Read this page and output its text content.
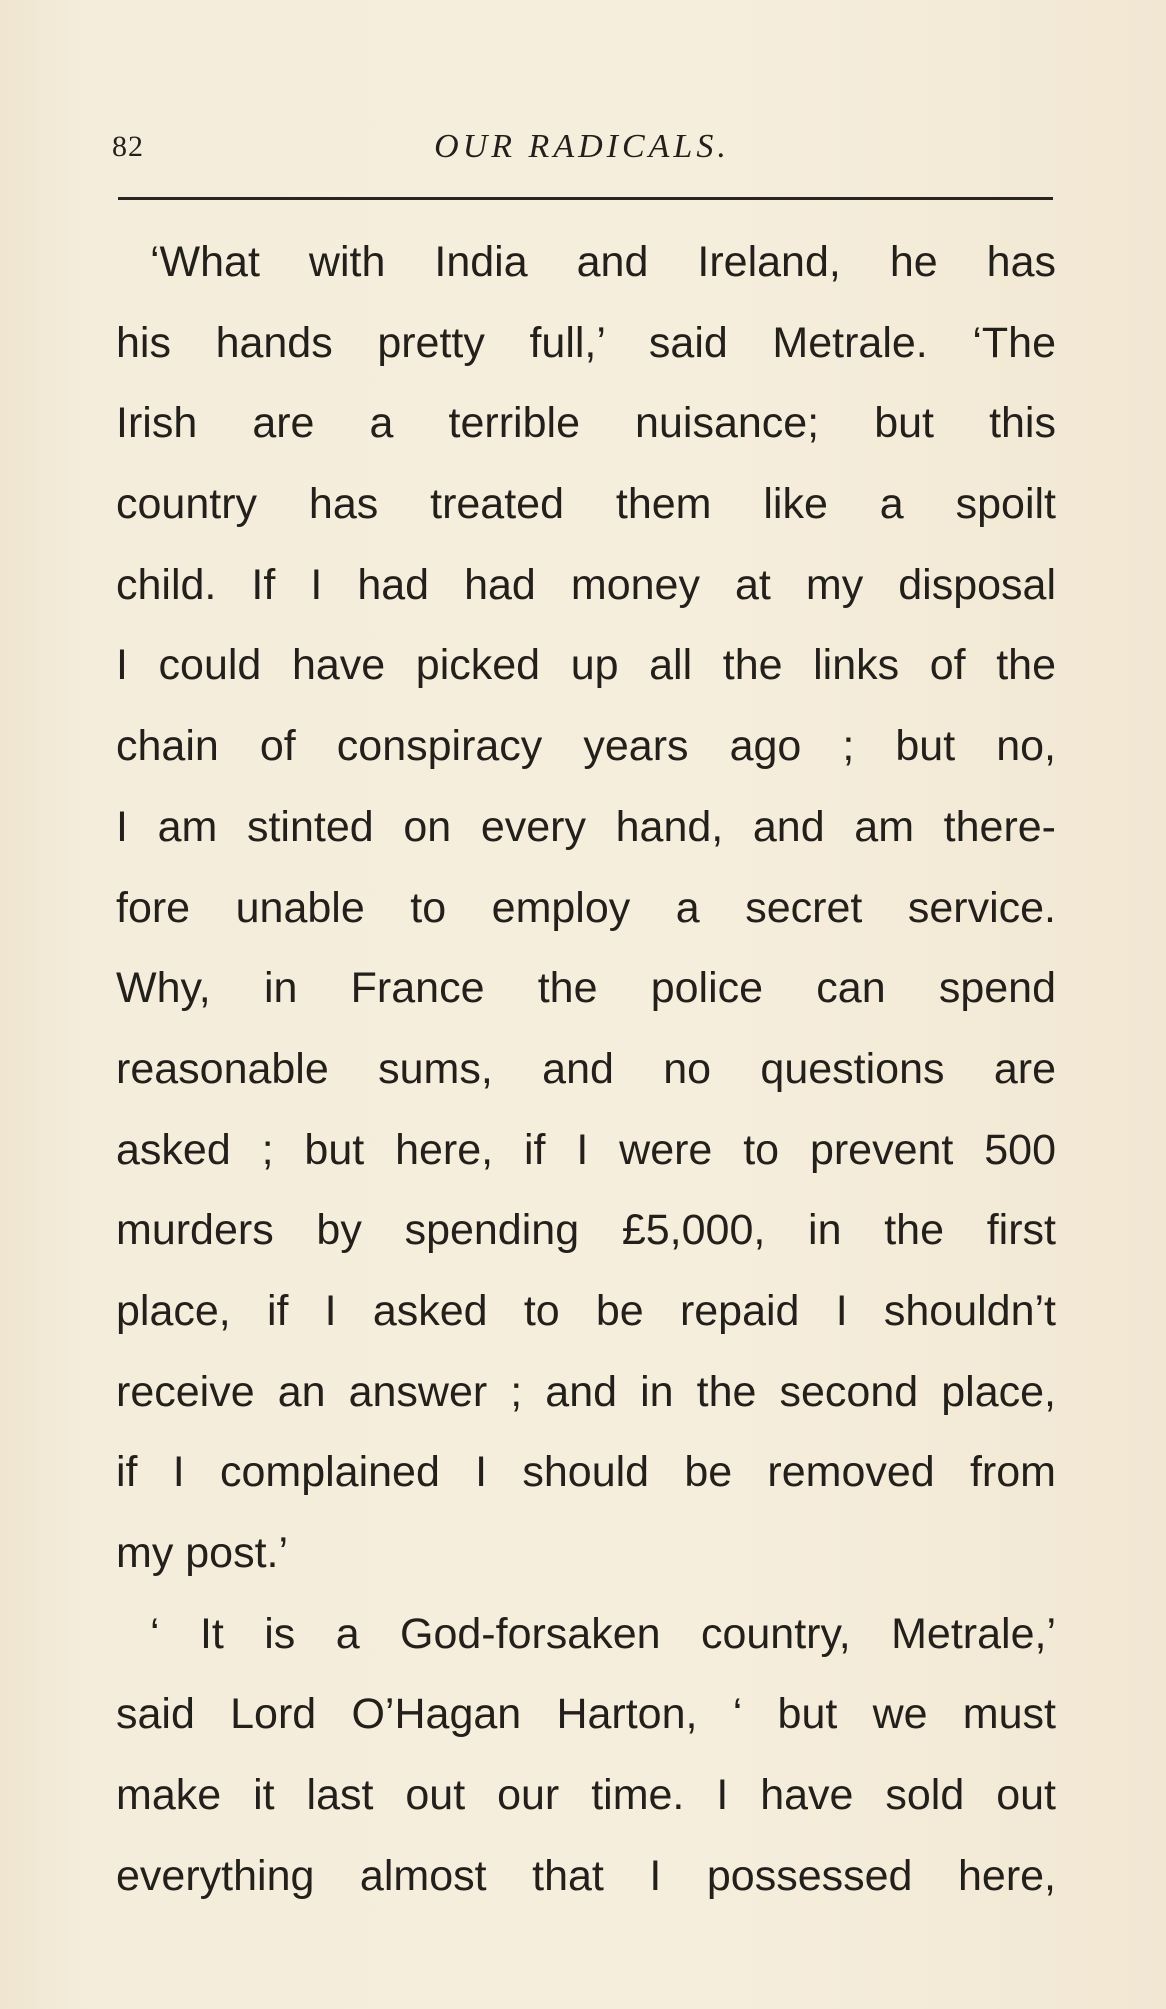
82	OUR RADICALS.
‘What with India and Ireland, he has
his hands pretty full,’ said Metrale. ‘The
Irish are a terrible nuisance; but this
country has treated them like a spoilt
child. If I had had money at my disposal
I could have picked up all the links of the
chain of conspiracy years ago ; but no,
I am stinted on every hand, and am there-
fore unable to employ a secret service.
Why, in France the police can spend
reasonable sums, and no questions are
asked ; but here, if I were to prevent 500
murders by spending £5,000, in the first
place, if I asked to be repaid I shouldn’t
receive an answer ; and in the second place,
if I complained I should be removed from
my post.’
‘ It is a God-forsaken country, Metrale,’
said Lord O’Hagan Harton, ‘ but we must
make it last out our time. I have sold out
everything almost that I possessed here,
